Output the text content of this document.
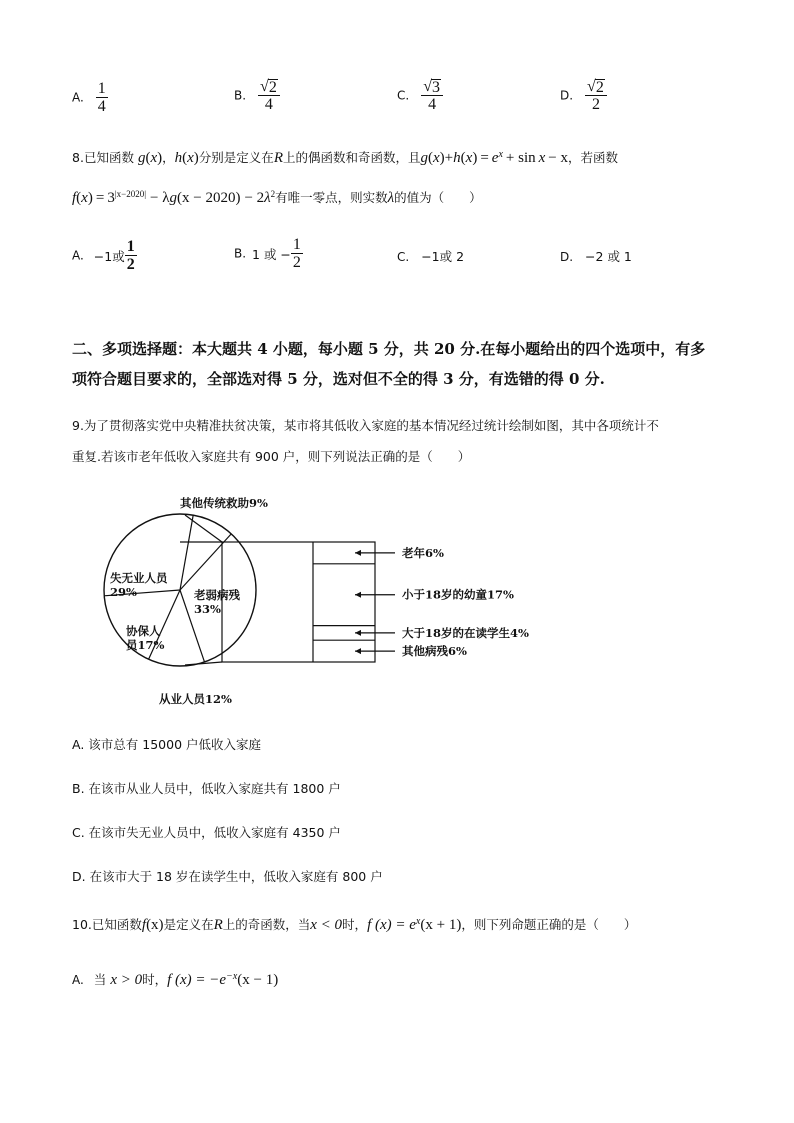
A. $\frac{1}{4}$	B. $\frac{√ 2}{4}$	C. $\frac{√ 3}{4}$	D. $\frac{√ 2}{2}$
8.已知函数 g(x)，h(x)分别是定义在R上的偶函数和奇函数，且$g(x)+h(x) = e^x + \sin x - x$，若函数
$f(x) = 3^{|x-2020|} - \lambda g(x - 2020) - 2\lambda^2$有唯一零点，则实数λ的值为（　　）
A. −1或 $\frac{1}{2}$	B. 1 或 − $\frac{1}{2}$	C. −1或 2	D. −2 或 1
二、多项选择题：本大题共 4 小题，每小题 5 分，共 20 分.在每小题给出的四个选项中，有多
项符合题目要求的，全部选对得 5 分，选对但不全的得 3 分，有选错的得 0 分.
9.为了贯彻落实党中央精准扶贫决策，某市将其低收入家庭的基本情况经过统计绘制如图，其中各项统计不
重复.若该市老年低收入家庭共有 900 户，则下列说法正确的是（　　）
老年6%
小于18岁的幼童17%
大于18岁的在读学生4%
其他病残6%
其他传统救助9%
失无业人员
29%	老弱病残
33%
协保人
员17%
从业人员12%
A. 该市总有 15000 户低收入家庭
B. 在该市从业人员中，低收入家庭共有 1800 户
C. 在该市失无业人员中，低收入家庭有 4350 户
D. 在该市大于 18 岁在读学生中，低收入家庭有 800 户
10.已知函数f(x)是定义在R上的奇函数，当x < 0时，f $(x) = e^x(x + 1)$，则下列命题正确的是（　　）
A. 当 x > 0时，f $(x) = -e^{-x}(x - 1)$
